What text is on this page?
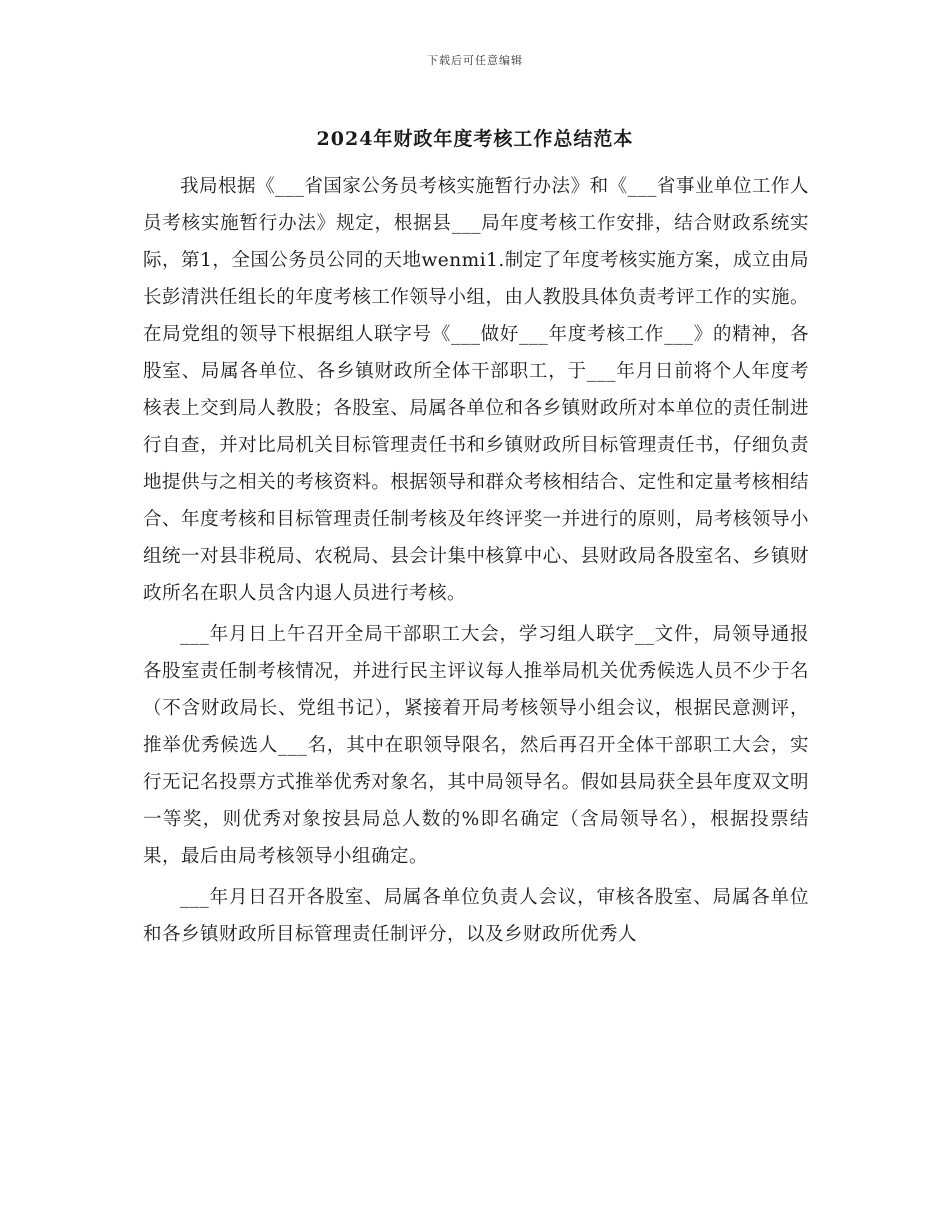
下载后可任意编辑
2024年财政年度考核工作总结范本

我局根据《___省国家公务员考核实施暂行办法》和《___省事业单位工作人员考核实施暂行办法》规定，根据县___局年度考核工作安排，结合财政系统实际，第1，全国公务员公同的天地wenmi1.制定了年度考核实施方案，成立由局长彭清洪任组长的年度考核工作领导小组，由人教股具体负责考评工作的实施。在局党组的领导下根据组人联字号《___做好___年度考核工作___》的精神，各股室、局属各单位、各乡镇财政所全体干部职工，于___年月日前将个人年度考核表上交到局人教股；各股室、局属各单位和各乡镇财政所对本单位的责任制进行自查，并对比局机关目标管理责任书和乡镇财政所目标管理责任书，仔细负责地提供与之相关的考核资料。根据领导和群众考核相结合、定性和定量考核相结合、年度考核和目标管理责任制考核及年终评奖一并进行的原则，局考核领导小组统一对县非税局、农税局、县会计集中核算中心、县财政局各股室名、乡镇财政所名在职人员含内退人员进行考核。

___年月日上午召开全局干部职工大会，学习组人联字__文件，局领导通报各股室责任制考核情况，并进行民主评议每人推举局机关优秀候选人员不少于名（不含财政局长、党组书记），紧接着开局考核领导小组会议，根据民意测评，推举优秀候选人___名，其中在职领导限名，然后再召开全体干部职工大会，实行无记名投票方式推举优秀对象名，其中局领导名。假如县局获全县年度双文明一等奖，则优秀对象按县局总人数的%即名确定（含局领导名），根据投票结果，最后由局考核领导小组确定。

___年月日召开各股室、局属各单位负责人会议，审核各股室、局属各单位和各乡镇财政所目标管理责任制评分，以及乡财政所优秀人
